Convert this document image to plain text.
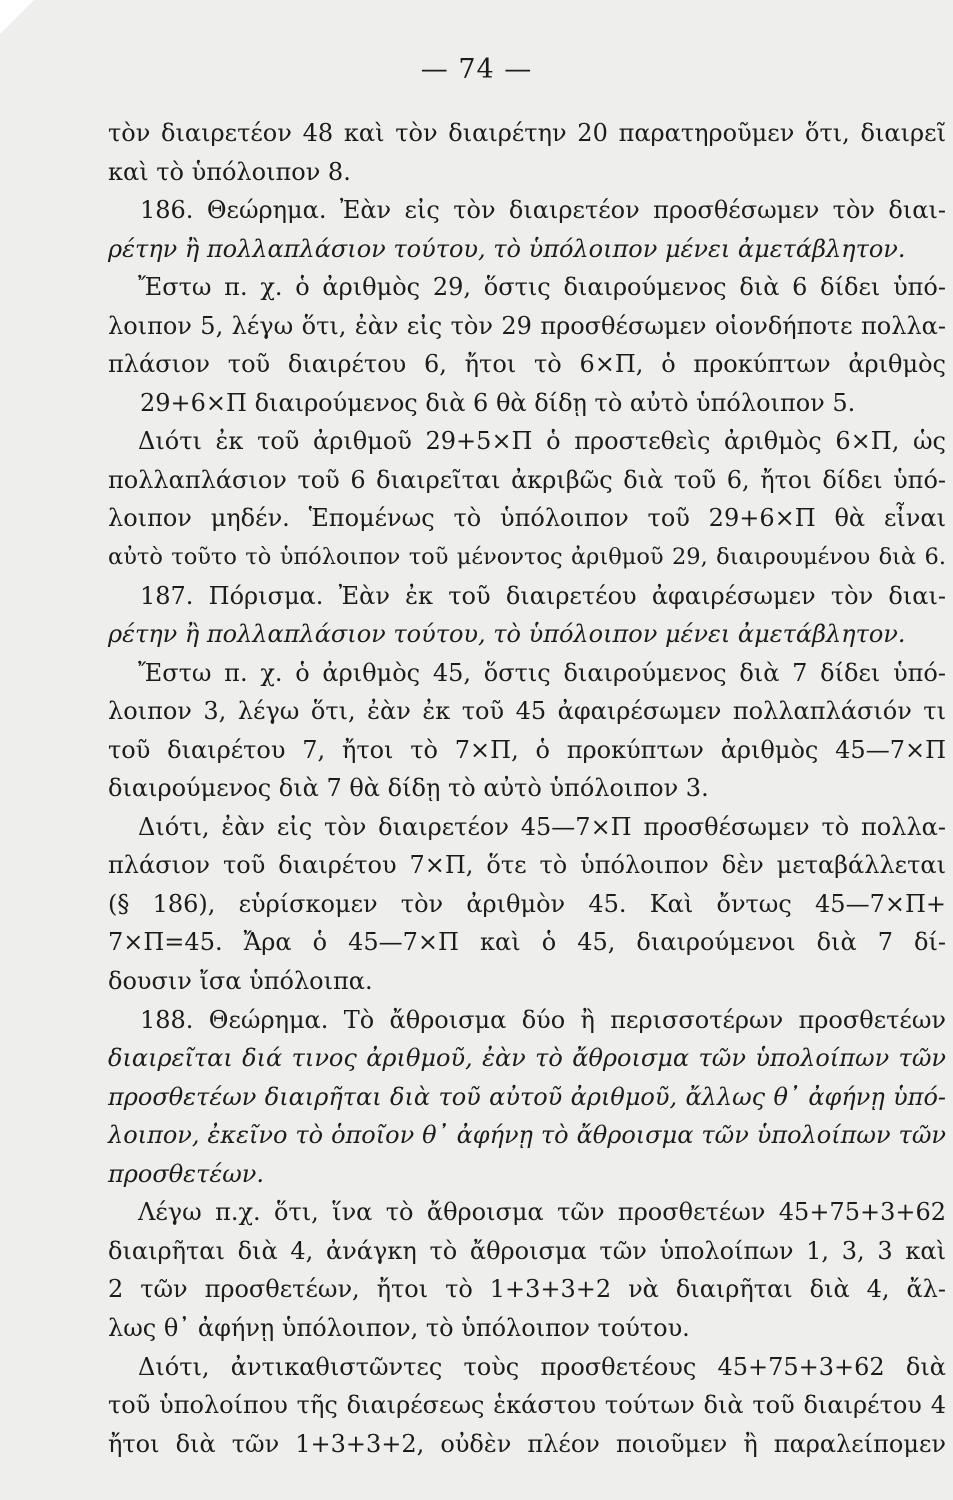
— 74 —
τὸν διαιρετέον 48 καὶ τὸν διαιρέτην 20 παρατηροῦμεν ὅτι, διαιρεῖ
καὶ τὸ ὑπόλοιπον 8.
186. Θεώρημα. Ἐὰν εἰς τὸν διαιρετέον προσθέσωμεν τὸν διαι-
ρέτην ἢ πολλαπλάσιον τούτου, τὸ ὑπόλοιπον μένει ἀμετάβλητον.
Ἔστω π. χ. ὁ ἀριθμὸς 29, ὅστις διαιρούμενος διὰ 6 δίδει ὑπό-
λοιπον 5, λέγω ὅτι, ἐὰν εἰς τὸν 29 προσθέσωμεν οἱονδήποτε πολλα-
πλάσιον τοῦ διαιρέτου 6, ἤτοι τὸ 6×Π, ὁ προκύπτων ἀριθμὸς
29+6×Π διαιρούμενος διὰ 6 θὰ δίδῃ τὸ αὐτὸ ὑπόλοιπον 5.
Διότι ἐκ τοῦ ἀριθμοῦ 29+5×Π ὁ προστεθεὶς ἀριθμὸς 6×Π, ὡς
πολλαπλάσιον τοῦ 6 διαιρεῖται ἀκριβῶς διὰ τοῦ 6, ἤτοι δίδει ὑπό-
λοιπον μηδέν. Ἑπομένως τὸ ὑπόλοιπον τοῦ 29+6×Π θὰ εἶναι
αὐτὸ τοῦτο τὸ ὑπόλοιπον τοῦ μένοντος ἀριθμοῦ 29, διαιρουμένου διὰ 6.
187. Πόρισμα. Ἐὰν ἐκ τοῦ διαιρετέου ἀφαιρέσωμεν τὸν διαι-
ρέτην ἢ πολλαπλάσιον τούτου, τὸ ὑπόλοιπον μένει ἀμετάβλητον.
Ἔστω π. χ. ὁ ἀριθμὸς 45, ὅστις διαιρούμενος διὰ 7 δίδει ὑπό-
λοιπον 3, λέγω ὅτι, ἐὰν ἐκ τοῦ 45 ἀφαιρέσωμεν πολλαπλάσιόν τι
τοῦ διαιρέτου 7, ἤτοι τὸ 7×Π, ὁ προκύπτων ἀριθμὸς 45—7×Π
διαιρούμενος διὰ 7 θὰ δίδῃ τὸ αὐτὸ ὑπόλοιπον 3.
Διότι, ἐὰν εἰς τὸν διαιρετέον 45—7×Π προσθέσωμεν τὸ πολλα-
πλάσιον τοῦ διαιρέτου 7×Π, ὅτε τὸ ὑπόλοιπον δὲν μεταβάλλεται
(§ 186), εὑρίσκομεν τὸν ἀριθμὸν 45. Καὶ ὄντως 45—7×Π+
7×Π=45. Ἄρα ὁ 45—7×Π καὶ ὁ 45, διαιρούμενοι διὰ 7 δί-
δουσιν ἴσα ὑπόλοιπα.
188. Θεώρημα. Τὸ ἄθροισμα δύο ἢ περισσοτέρων προσθετέων
διαιρεῖται διά τινος ἀριθμοῦ, ἐὰν τὸ ἄθροισμα τῶν ὑπολοίπων τῶν
προσθετέων διαιρῆται διὰ τοῦ αὐτοῦ ἀριθμοῦ, ἄλλως θ᾽ ἀφήνῃ ὑπό-
λοιπον, ἐκεῖνο τὸ ὁποῖον θ᾽ ἀφήνῃ τὸ ἄθροισμα τῶν ὑπολοίπων τῶν
προσθετέων.
Λέγω π.χ. ὅτι, ἵνα τὸ ἄθροισμα τῶν προσθετέων 45+75+3+62
διαιρῆται διὰ 4, ἀνάγκη τὸ ἄθροισμα τῶν ὑπολοίπων 1, 3, 3 καὶ
2 τῶν προσθετέων, ἤτοι τὸ 1+3+3+2 νὰ διαιρῆται διὰ 4, ἄλ-
λως θ᾽ ἀφήνῃ ὑπόλοιπον, τὸ ὑπόλοιπον τούτου.
Διότι, ἀντικαθιστῶντες τοὺς προσθετέους 45+75+3+62 διὰ
τοῦ ὑπολοίπου τῆς διαιρέσεως ἑκάστου τούτων διὰ τοῦ διαιρέτου 4
ἤτοι διὰ τῶν 1+3+3+2, οὐδὲν πλέον ποιοῦμεν ἢ παραλείπομεν
